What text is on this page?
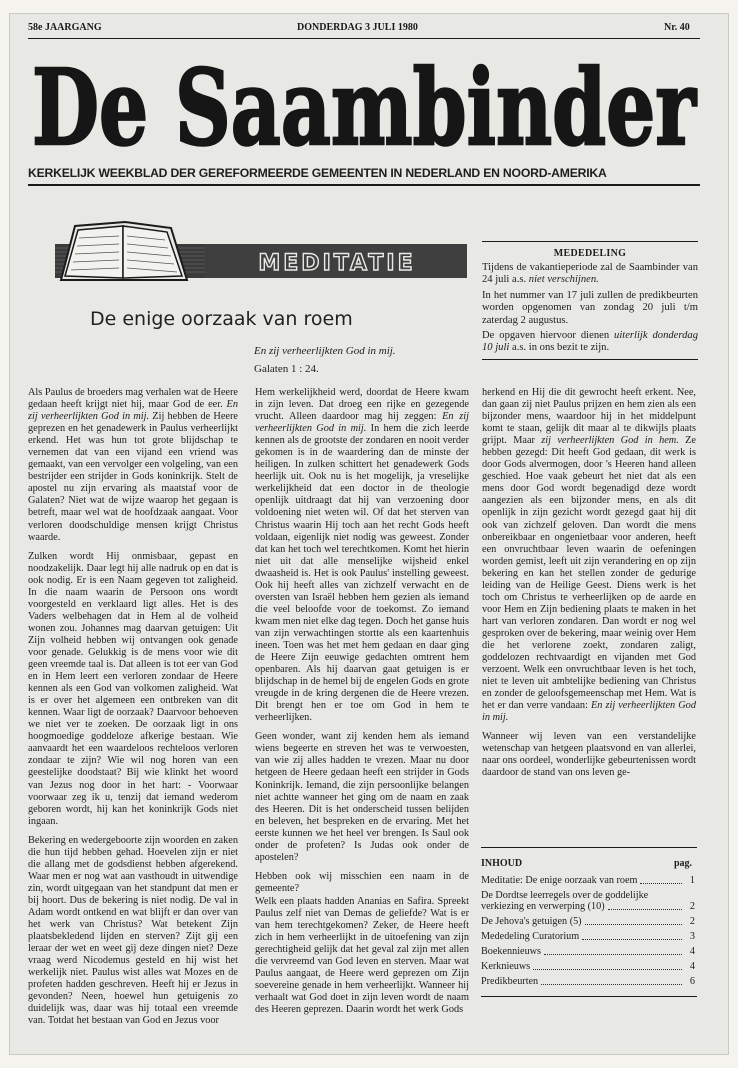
58e JAARGANG	DONDERDAG 3 JULI 1980	Nr. 40
De Saambinder
KERKELIJK WEEKBLAD DER GEREFORMEERDE GEMEENTEN IN NEDERLAND EN NOORD-AMERIKA
MEDITATIE	MEDEDELING

Tijdens de vakantieperiode zal de Saambinder van 24 juli a.s. niet verschijnen.

In het nummer van 17 juli zullen de predikbeurten worden opgenomen van zondag 20 juli t/m zaterdag 2 augustus.

De opgaven hiervoor dienen uiterlijk donderdag 10 juli a.s. in ons bezit te zijn.

De enige oorzaak van roem
En zij verheerlijkten God in mij.
Galaten 1 : 24.

Als Paulus de broeders mag verhalen wat de Heere gedaan heeft krijgt niet hij, maar God de eer. En zij verheerlijkten God in mij. Zij hebben de Heere geprezen en het genadewerk in Paulus verheerlijkt erkend. Het was hun tot grote blijdschap te vernemen dat van een vijand een vriend was gemaakt, van een vervolger een volgeling, van een bestrijder een strijder in Gods koninkrijk. Stelt de apostel nu zijn ervaring als maatstaf voor de Galaten? Niet wat de wijze waarop het gegaan is betreft, maar wel wat de hoofdzaak aangaat. Voor verloren doodschuldige mensen krijgt Christus waarde.

Zulken wordt Hij onmisbaar, gepast en noodzakelijk. Daar legt hij alle nadruk op en dat is ook nodig. Er is een Naam gegeven tot zaligheid. In die naam waarin de Persoon ons wordt voorgesteld en verklaard ligt alles. Het is des Vaders welbehagen dat in Hem al de volheid wonen zou. Johannes mag daarvan getuigen: Uit Zijn volheid hebben wij ontvangen ook genade voor genade. Gelukkig is de mens voor wie dit geen vreemde taal is. Dat alleen is tot eer van God en in Hem leert een verloren zondaar de Heere kennen als een God van volkomen zaligheid. Wat is er over het algemeen een ontbreken van dit kennen. Waar ligt de oorzaak? Daarvoor behoeven we niet ver te zoeken. De oorzaak ligt in ons hoogmoedige goddeloze afkerige bestaan. Wie aanvaardt het een waardeloos rechteloos verloren zondaar te zijn? Wie wil nog horen van een geestelijke doodstaat? Bij wie klinkt het woord van Jezus nog door in het hart: - Voorwaar voorwaar zeg ik u, tenzij dat iemand wederom geboren wordt, hij kan het koninkrijk Gods niet ingaan.

Bekering en wedergeboorte zijn woorden en zaken die hun tijd hebben gehad. Hoevelen zijn er niet die allang met de godsdienst hebben afgerekend. Waar men er nog wat aan vasthoudt in uitwendige zin, wordt uitgegaan van het standpunt dat men er bij hoort. Dus de bekering is niet nodig. De val in Adam wordt ontkend en wat blijft er dan over van het werk van Christus? Wat betekent Zijn plaatsbekledend lijden en sterven? Zijt gij een leraar der wet en weet gij deze dingen niet? Deze vraag werd Nicodemus gesteld en hij wist het werkelijk niet. Paulus wist alles wat Mozes en de profeten hadden geschreven. Heeft hij er Jezus in gevonden? Neen, hoewel hun getuigenis zo duidelijk was, daar was hij totaal een vreemde van. Totdat het bestaan van God en Jezus voor

Hem werkelijkheid werd, doordat de Heere kwam in zijn leven. Dat droeg een rijke en gezegende vrucht. Alleen daardoor mag hij zeggen: En zij verheerlijkten God in mij. In hem die zich leerde kennen als de grootste der zondaren en nooit verder gekomen is in de waardering dan de minste der heiligen. In zulken schittert het genadewerk Gods heerlijk uit. Ook nu is het mogelijk, ja vreselijke werkelijkheid dat een doctor in de theologie openlijk uitdraagt dat hij van verzoening door voldoening niet weten wil. Of dat het sterven van Christus waarin Hij toch aan het recht Gods heeft voldaan, eigenlijk niet nodig was geweest. Zonder dat kan het toch wel terechtkomen. Komt het hierin niet uit dat alle menselijke wijsheid enkel dwaasheid is. Het is ook Paulus' instelling geweest. Ook hij heeft alles van zichzelf verwacht en de oversten van Israël hebben hem gezien als iemand die veel beloofde voor de toekomst. Zo iemand kwam men niet elke dag tegen. Doch het ganse huis van zijn verwachtingen stortte als een kaartenhuis ineen. Toen was het met hem gedaan en daar ging de Heere Zijn eeuwige gedachten omtrent hem openbaren. Als hij daarvan gaat getuigen is er blijdschap in de hemel bij de engelen Gods en grote vreugde in de kring dergenen die de Heere vrezen. Dit brengt hen er toe om God in hem te verheerlijken.

Geen wonder, want zij kenden hem als iemand wiens begeerte en streven het was te verwoesten, van wie zij alles hadden te vrezen. Maar nu door hetgeen de Heere gedaan heeft een strijder in Gods Koninkrijk. Iemand, die zijn persoonlijke belangen niet achtte wanneer het ging om de naam en zaak des Heeren. Dit is het onderscheid tussen belijden en beleven, het bespreken en de ervaring. Met het eerste kunnen we het heel ver brengen. Is Saul ook onder de profeten? Is Judas ook onder de apostelen?

Hebben ook wij misschien een naam in de gemeente?

Welk een plaats hadden Ananias en Safira. Spreekt Paulus zelf niet van Demas de geliefde? Wat is er van hem terechtgekomen? Zeker, de Heere heeft zich in hem verheerlijkt in de uitoefening van zijn gerechtigheid gelijk dat het geval zal zijn met allen die vervreemd van God leven en sterven. Maar wat Paulus aangaat, de Heere werd geprezen om Zijn soevereine genade in hem verheerlijkt. Wanneer hij verhaalt wat God doet in zijn leven wordt de naam des Heeren geprezen. Daarin wordt het werk Gods

herkend en Hij die dit gewrocht heeft erkent. Nee, dan gaan zij niet Paulus prijzen en hem zien als een bijzonder mens, waardoor hij in het middelpunt komt te staan, gelijk dit maar al te dikwijls plaats grijpt. Maar zij verheerlijkten God in hem. Ze hebben gezegd: Dit heeft God gedaan, dit werk is door Gods alvermogen, door 's Heeren hand alleen geschied. Hoe vaak gebeurt het niet dat als een mens door God wordt begenadigd deze wordt aangezien als een bijzonder mens, en als dit openlijk in zijn gezicht wordt gezegd gaat hij dit ook van zichzelf geloven. Dan wordt die mens onbereikbaar en ongenietbaar voor anderen, heeft een onvruchtbaar leven waarin de oefeningen worden gemist, leeft uit zijn verandering en op zijn bekering en kan het stellen zonder de gedurige leiding van de Heilige Geest. Diens werk is het toch om Christus te verheerlijken op de aarde en voor Hem en Zijn bediening plaats te maken in het hart van verloren zondaren. Dan wordt er nog wel gesproken over de bekering, maar weinig over Hem die het verlorene zoekt, zondaren zaligt, goddelozen rechtvaardigt en vijanden met God verzoent. Welk een onvruchtbaar leven is het toch, niet te leven uit ambtelijke bediening van Christus en zonder de geloofsgemeenschap met Hem. Wat is het er dan verre vandaan: En zij verheerlijkten God in mij.

Wanneer wij leven van een verstandelijke wetenschap van hetgeen plaatsvond en van allerlei, naar ons oordeel, wonderlijke gebeurtenissen wordt daardoor de stand van ons leven ge-

INHOUD	pag.
Meditatie: De enige oorzaak van roem	1
De Dordtse leerregels over de goddelijke
verkiezing en verwerping (10)	2
De Jehova's getuigen (5)	2
Mededeling Curatorium	3
Boekennieuws	4
Kerknieuws	4
Predikbeurten	6
